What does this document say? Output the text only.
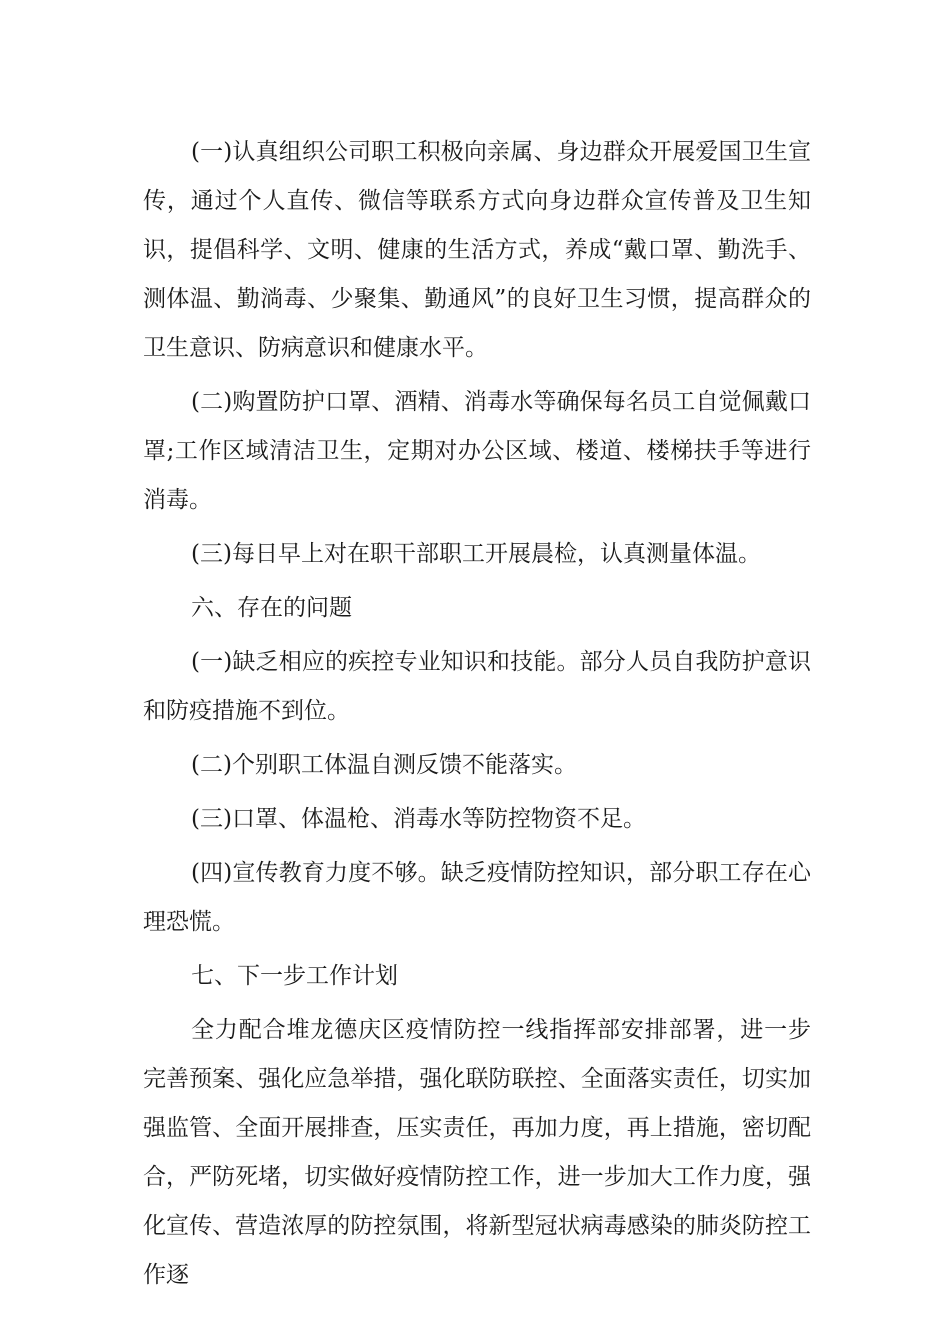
(一)认真组织公司职工积极向亲属、身边群众开展爱国卫生宣传，通过个人直传、微信等联系方式向身边群众宣传普及卫生知识，提倡科学、文明、健康的生活方式，养成“戴口罩、勤洗手、测体温、勤淌毒、少聚集、勤通风”的良好卫生习惯，提高群众的卫生意识、防病意识和健康水平。

(二)购置防护口罩、酒精、消毒水等确保每名员工自觉佩戴口罩;工作区域清洁卫生，定期对办公区域、楼道、楼梯扶手等进行消毒。

(三)每日早上对在职干部职工开展晨检，认真测量体温。

六、存在的问题

(一)缺乏相应的疾控专业知识和技能。部分人员自我防护意识和防疫措施不到位。

(二)个别职工体温自测反馈不能落实。

(三)口罩、体温枪、消毒水等防控物资不足。

(四)宣传教育力度不够。缺乏疫情防控知识，部分职工存在心理恐慌。

七、下一步工作计划

全力配合堆龙德庆区疫情防控一线指挥部安排部署，进一步完善预案、强化应急举措，强化联防联控、全面落实责任，切实加强监管、全面开展排查，压实责任，再加力度，再上措施，密切配合，严防死堵，切实做好疫情防控工作，进一步加大工作力度，强化宣传、营造浓厚的防控氛围，将新型冠状病毒感染的肺炎防控工作逐
